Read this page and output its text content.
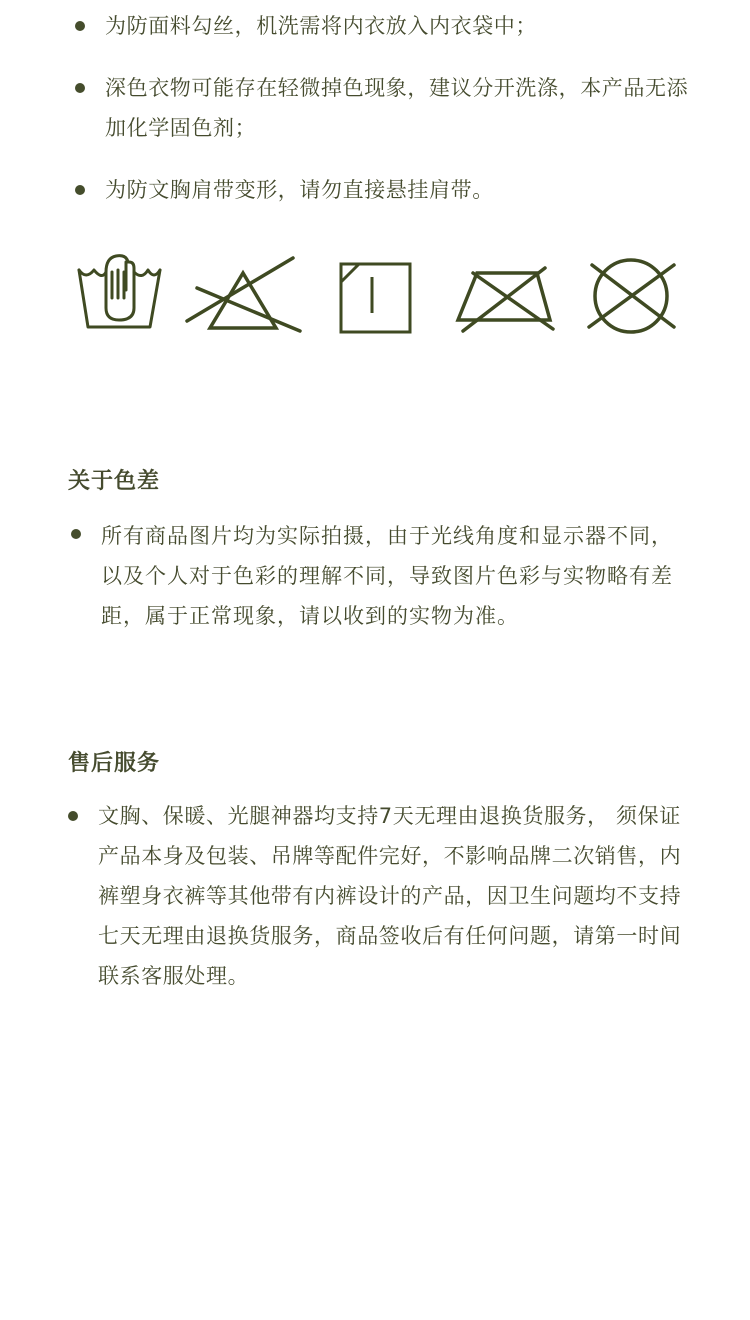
为防面料勾丝，机洗需将内衣放入内衣袋中；
深色衣物可能存在轻微掉色现象，建议分开洗涤，本产品无添加化学固色剂；
为防文胸肩带变形，请勿直接悬挂肩带。
关于色差
所有商品图片均为实际拍摄，由于光线角度和显示器不同，以及个人对于色彩的理解不同，导致图片色彩与实物略有差距，属于正常现象，请以收到的实物为准。
售后服务
文胸、保暖、光腿神器均支持7天无理由退换货服务， 须保证产品本身及包装、吊牌等配件完好，不影响品牌二次销售，内裤塑身衣裤等其他带有内裤设计的产品，因卫生问题均不支持七天无理由退换货服务，商品签收后有任何问题，请第一时间联系客服处理。
